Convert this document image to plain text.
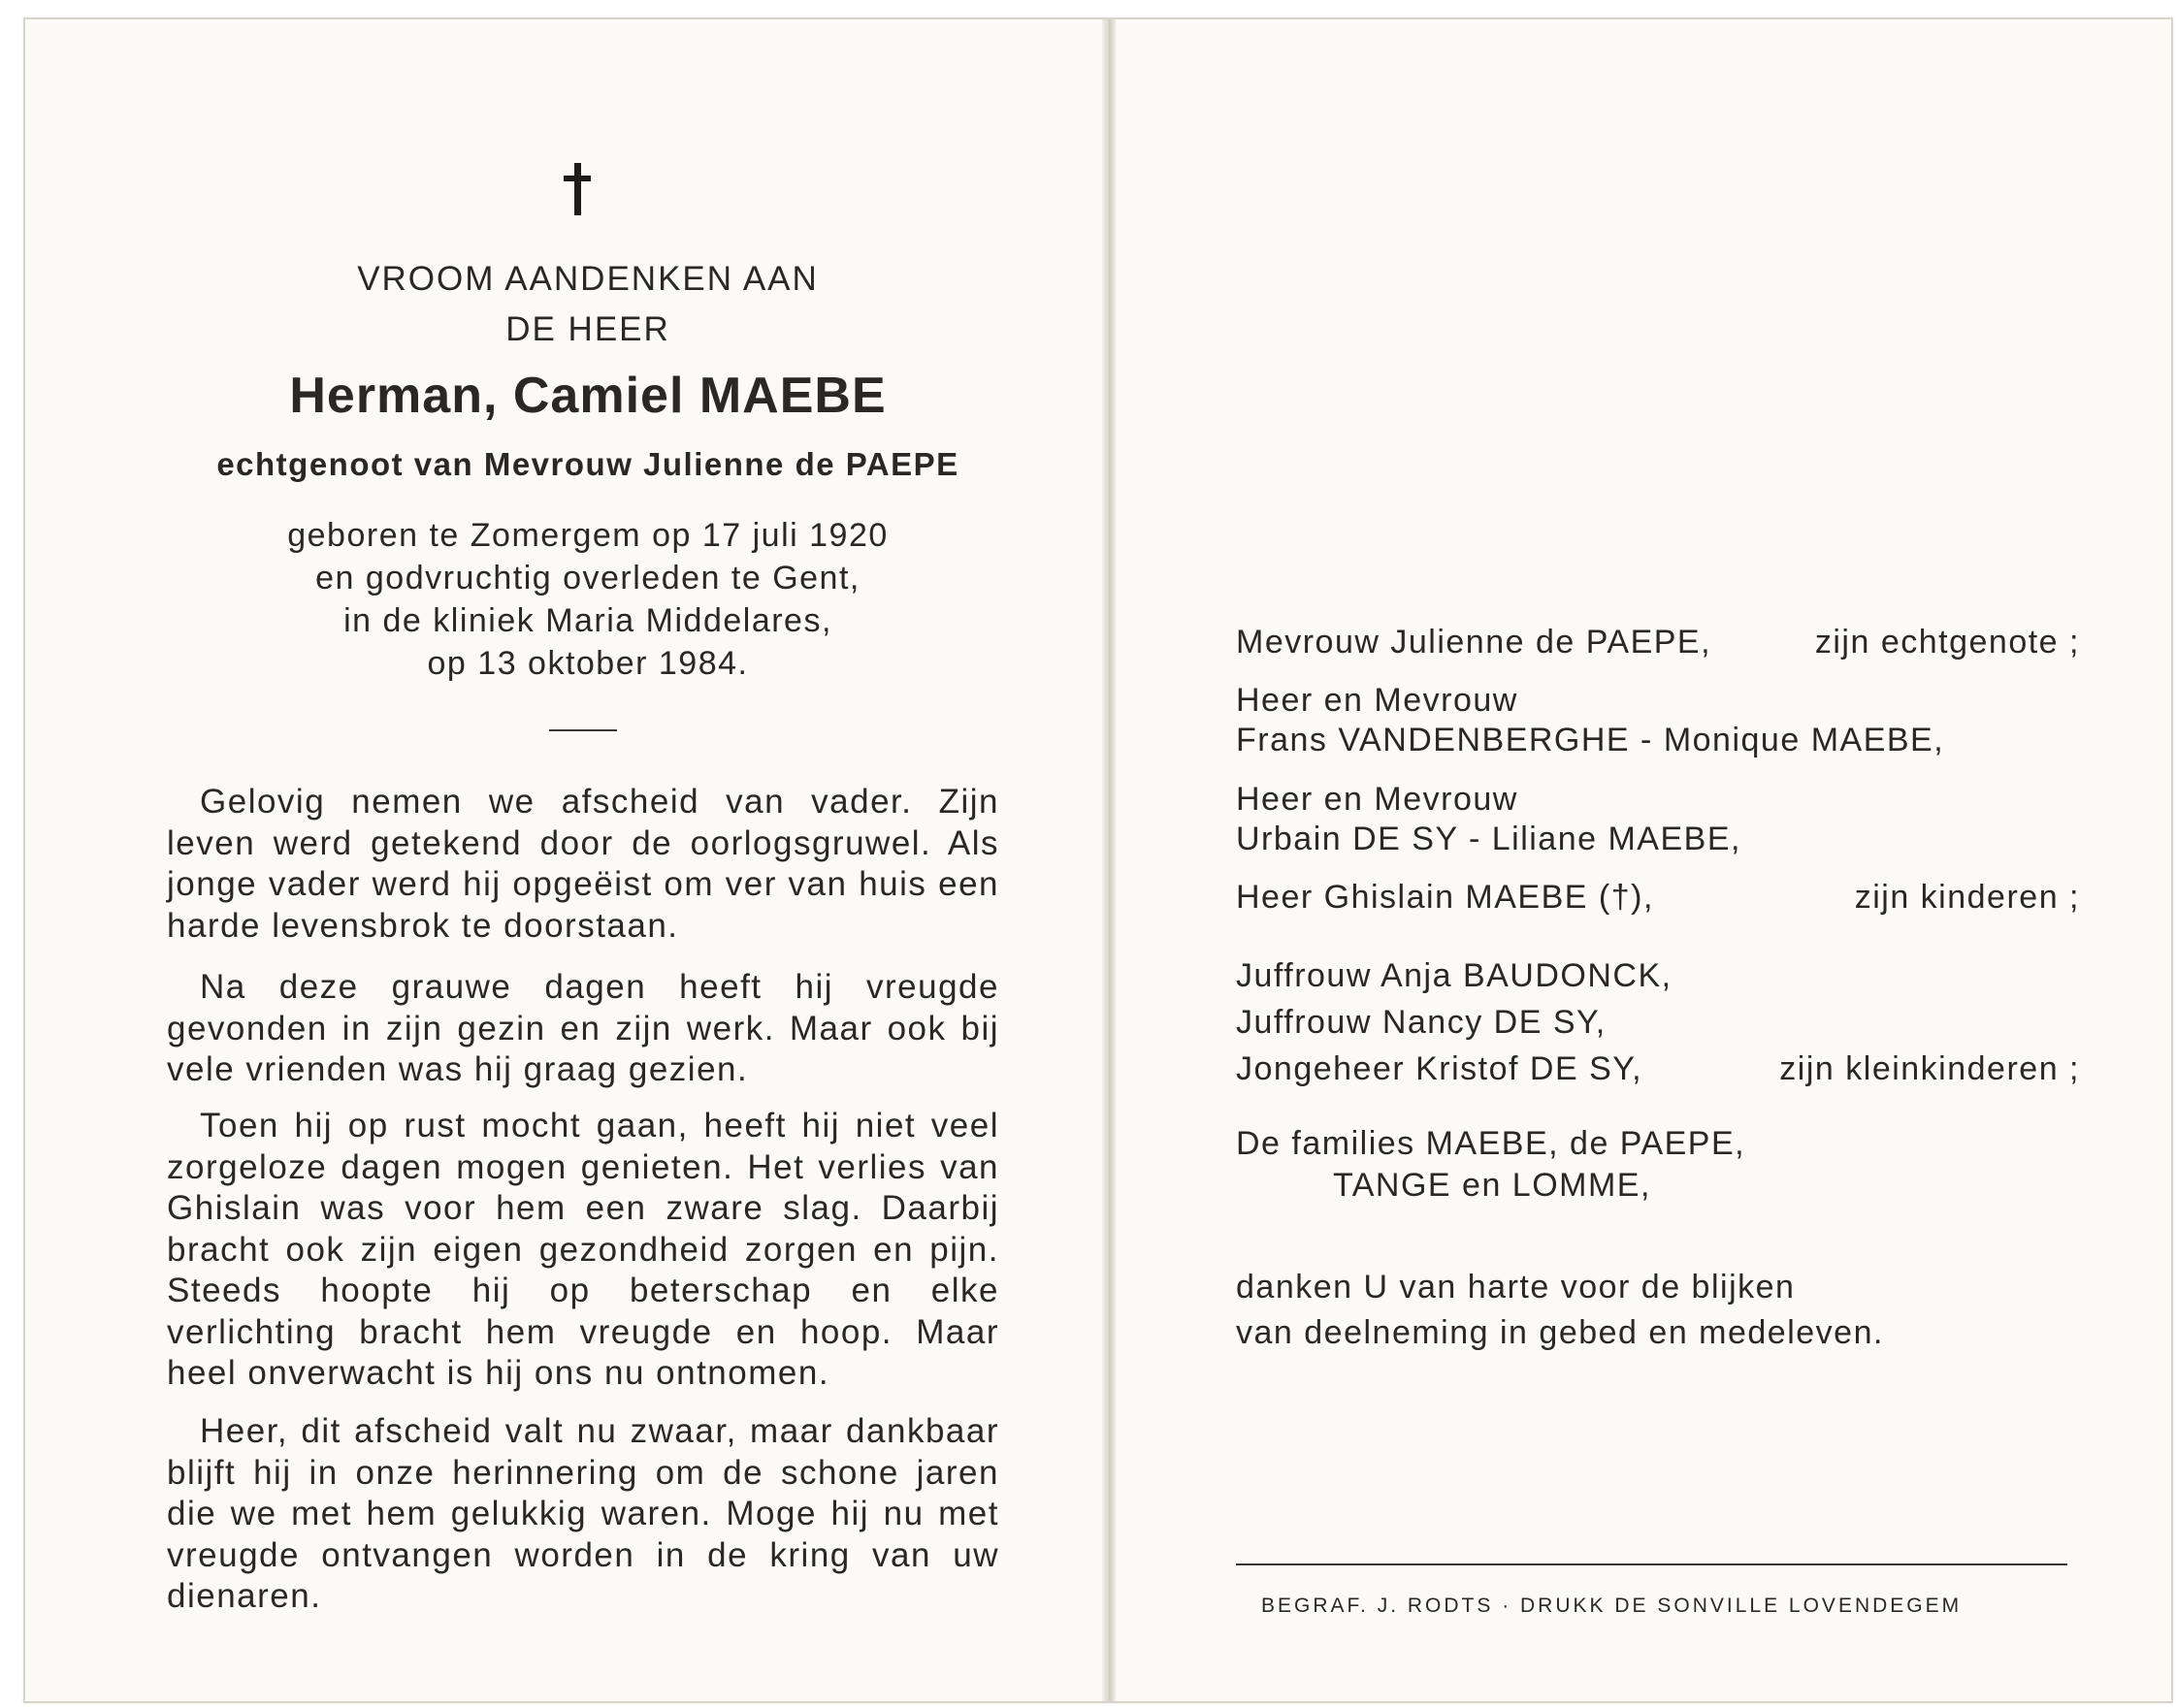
VROOM AANDENKEN AAN
DE HEER
Herman, Camiel MAEBE
echtgenoot van Mevrouw Julienne de PAEPE
geboren te Zomergem op 17 juli 1920
en godvruchtig overleden te Gent,
in de kliniek Maria Middelares,
op 13 oktober 1984.

Gelovig nemen we afscheid van vader. Zijn leven werd getekend door de oorlogsgruwel. Als jonge vader werd hij opgeëist om ver van huis een harde levensbrok te doorstaan.

Na deze grauwe dagen heeft hij vreugde gevonden in zijn gezin en zijn werk. Maar ook bij vele vrienden was hij graag gezien.

Toen hij op rust mocht gaan, heeft hij niet veel zorgeloze dagen mogen genieten. Het verlies van Ghislain was voor hem een zware slag. Daarbij bracht ook zijn eigen gezondheid zorgen en pijn. Steeds hoopte hij op beterschap en elke verlichting bracht hem vreugde en hoop. Maar heel onverwacht is hij ons nu ontnomen.

Heer, dit afscheid valt nu zwaar, maar dankbaar blijft hij in onze herinnering om de schone jaren die we met hem gelukkig waren. Moge hij nu met vreugde ontvangen worden in de kring van uw dienaren.

Mevrouw Julienne de PAEPE,	zijn echtgenote ;
Heer en Mevrouw
Frans VANDENBERGHE - Monique MAEBE,
Heer en Mevrouw
Urbain DE SY - Liliane MAEBE,
Heer Ghislain MAEBE (†),	zijn kinderen ;
Juffrouw Anja BAUDONCK,
Juffrouw Nancy DE SY,
Jongeheer Kristof DE SY,	zijn kleinkinderen ;
De families MAEBE, de PAEPE,
TANGE en LOMME,
danken U van harte voor de blijken
van deelneming in gebed en medeleven.
BEGRAF. J. RODTS · DRUKK DE SONVILLE LOVENDEGEM
